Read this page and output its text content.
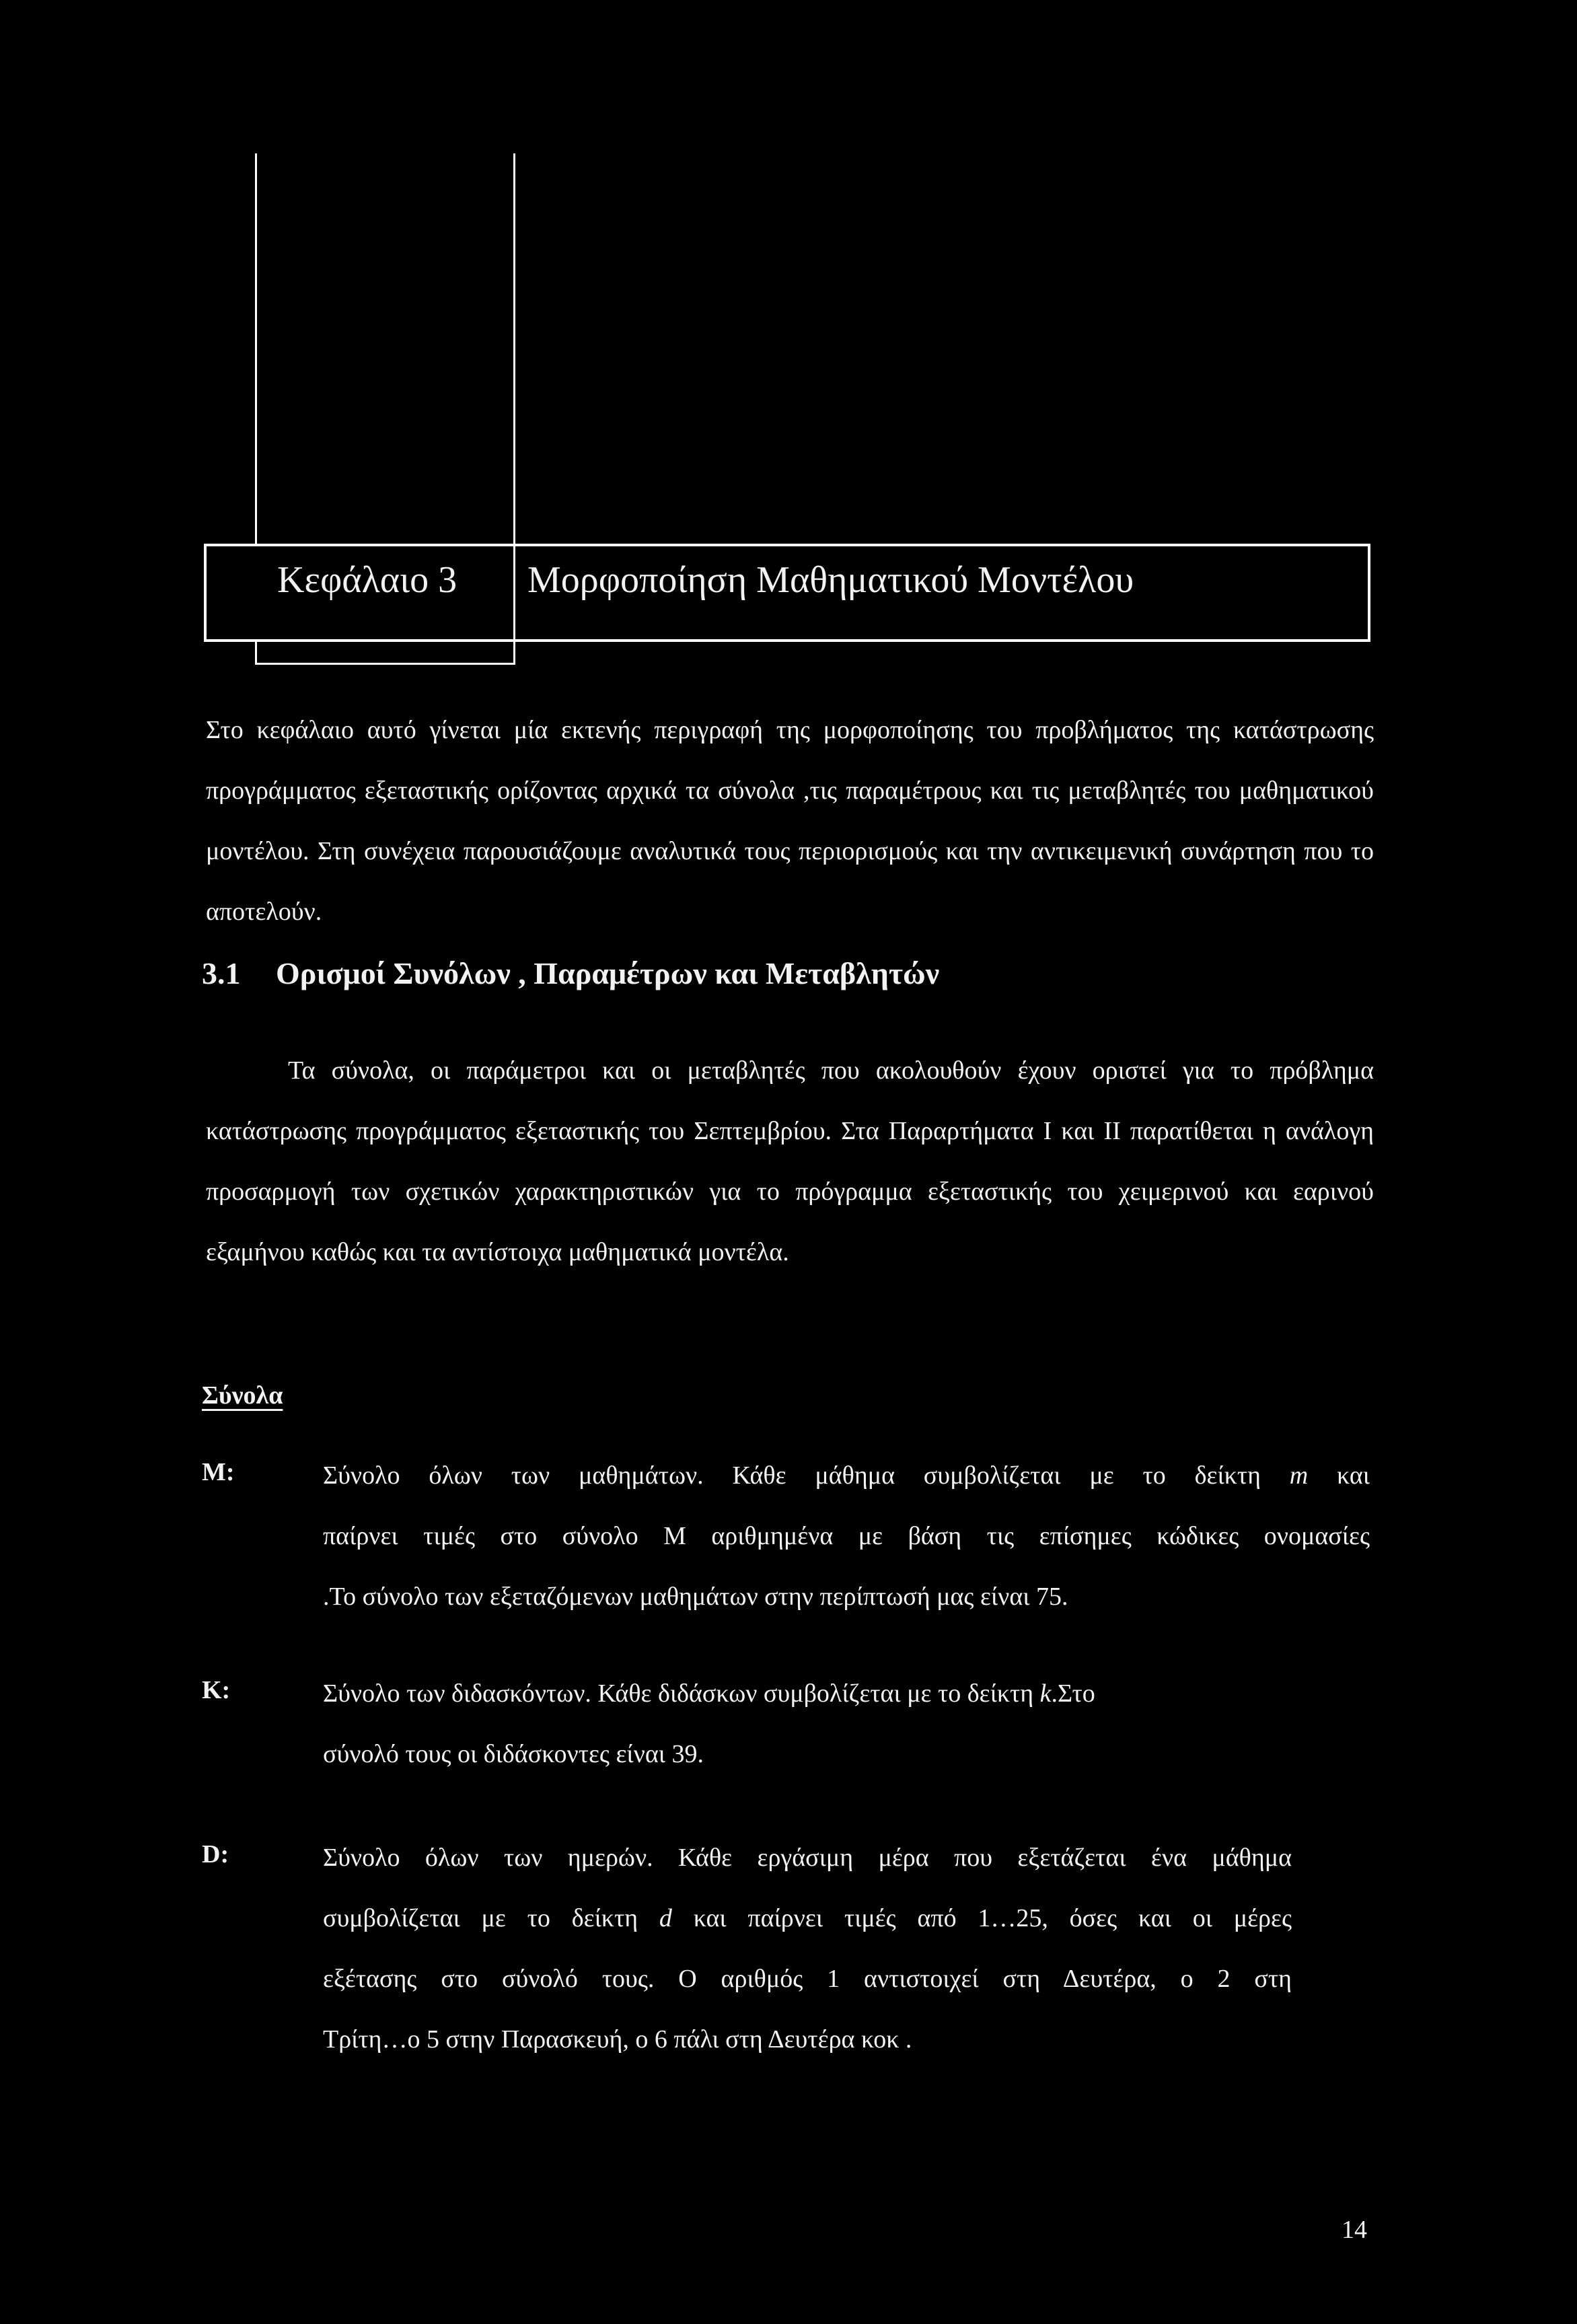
Κεφάλαιο 3 Μορφοποίηση Μαθηματικού Μοντέλου

Στο κεφάλαιο αυτό γίνεται μία εκτενής περιγραφή της μορφοποίησης του προβλήματος της κατάστρωσης προγράμματος εξεταστικής ορίζοντας αρχικά τα σύνολα ,τις παραμέτρους και τις μεταβλητές του μαθηματικού μοντέλου. Στη συνέχεια παρουσιάζουμε αναλυτικά τους περιορισμούς και την αντικειμενική συνάρτηση που το αποτελούν.

3.1 Ορισμοί Συνόλων , Παραμέτρων και Μεταβλητών

Τα σύνολα, οι παράμετροι και οι μεταβλητές που ακολουθούν έχουν οριστεί για το πρόβλημα κατάστρωσης προγράμματος εξεταστικής του Σεπτεμβρίου. Στα Παραρτήματα Ι και ΙΙ παρατίθεται η ανάλογη προσαρμογή των σχετικών χαρακτηριστικών για το πρόγραμμα εξεταστικής του χειμερινού και εαρινού εξαμήνου καθώς και τα αντίστοιχα μαθηματικά μοντέλα.

Σύνολα
M:	Σύνολο όλων των μαθημάτων. Κάθε μάθημα συμβολίζεται με το δείκτη m και
παίρνει τιμές στο σύνολο Μ αριθμημένα με βάση τις επίσημες κώδικες ονομασίες
.Το σύνολο των εξεταζόμενων μαθημάτων στην περίπτωσή μας είναι 75.
K:	Σύνολο των διδασκόντων. Κάθε διδάσκων συμβολίζεται με το δείκτη k.Στο
σύνολό τους οι διδάσκοντες είναι 39.
D:	Σύνολο όλων των ημερών. Κάθε εργάσιμη μέρα που εξετάζεται ένα μάθημα
συμβολίζεται με το δείκτη d και παίρνει τιμές από 1…25, όσες και οι μέρες
εξέτασης στο σύνολό τους. Ο αριθμός 1 αντιστοιχεί στη Δευτέρα, ο 2 στη
Τρίτη…ο 5 στην Παρασκευή, ο 6 πάλι στη Δευτέρα κοκ .
14
